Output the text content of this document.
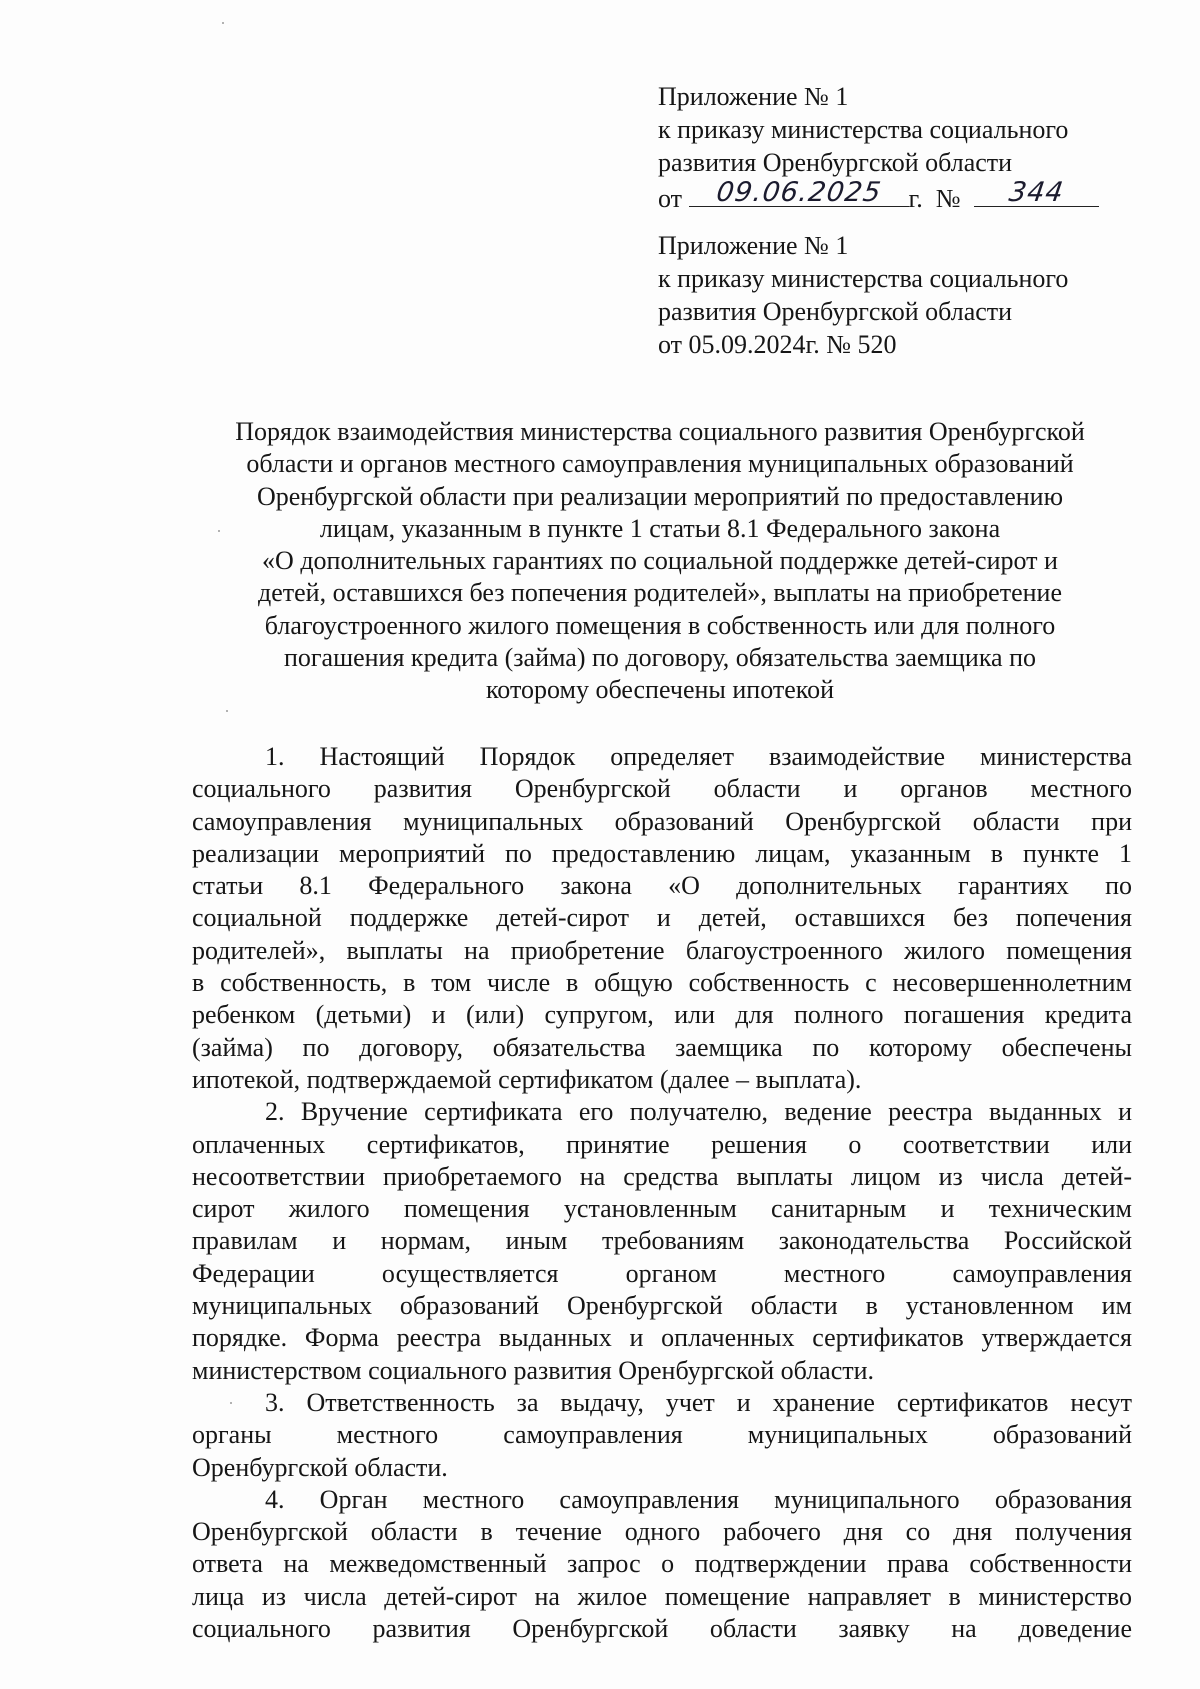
Приложение № 1
к приказу министерства социального
развития Оренбургской области
от	09.06.2025 г. №	344
Приложение № 1
к приказу министерства социального
развития Оренбургской области
от 05.09.2024г. № 520
Порядок взаимодействия министерства социального развития Оренбургской
области и органов местного самоуправления муниципальных образований
Оренбургской области при реализации мероприятий по предоставлению
лицам, указанным в пункте 1 статьи 8.1 Федерального закона
«О дополнительных гарантиях по социальной поддержке детей-сирот и
детей, оставшихся без попечения родителей», выплаты на приобретение
благоустроенного жилого помещения в собственность или для полного
погашения кредита (займа) по договору, обязательства заемщика по
которому обеспечены ипотекой
1. Настоящий Порядок определяет взаимодействие министерства
социального развития Оренбургской области и органов местного
самоуправления муниципальных образований Оренбургской области при
реализации мероприятий по предоставлению лицам, указанным в пункте 1
статьи 8.1 Федерального закона «О дополнительных гарантиях по
социальной поддержке детей-сирот и детей, оставшихся без попечения
родителей», выплаты на приобретение благоустроенного жилого помещения
в собственность, в том числе в общую собственность с несовершеннолетним
ребенком (детьми) и (или) супругом, или для полного погашения кредита
(займа) по договору, обязательства заемщика по которому обеспечены
ипотекой, подтверждаемой сертификатом (далее – выплата).
2. Вручение сертификата его получателю, ведение реестра выданных и
оплаченных сертификатов, принятие решения о соответствии или
несоответствии приобретаемого на средства выплаты лицом из числа детей-
сирот жилого помещения установленным санитарным и техническим
правилам и нормам, иным требованиям законодательства Российской
Федерации осуществляется органом местного самоуправления
муниципальных образований Оренбургской области в установленном им
порядке. Форма реестра выданных и оплаченных сертификатов утверждается
министерством социального развития Оренбургской области.
3. Ответственность за выдачу, учет и хранение сертификатов несут
органы местного самоуправления муниципальных образований
Оренбургской области.
4. Орган местного самоуправления муниципального образования
Оренбургской области в течение одного рабочего дня со дня получения
ответа на межведомственный запрос о подтверждении права собственности
лица из числа детей-сирот на жилое помещение направляет в министерство
социального развития Оренбургской области заявку на доведение
